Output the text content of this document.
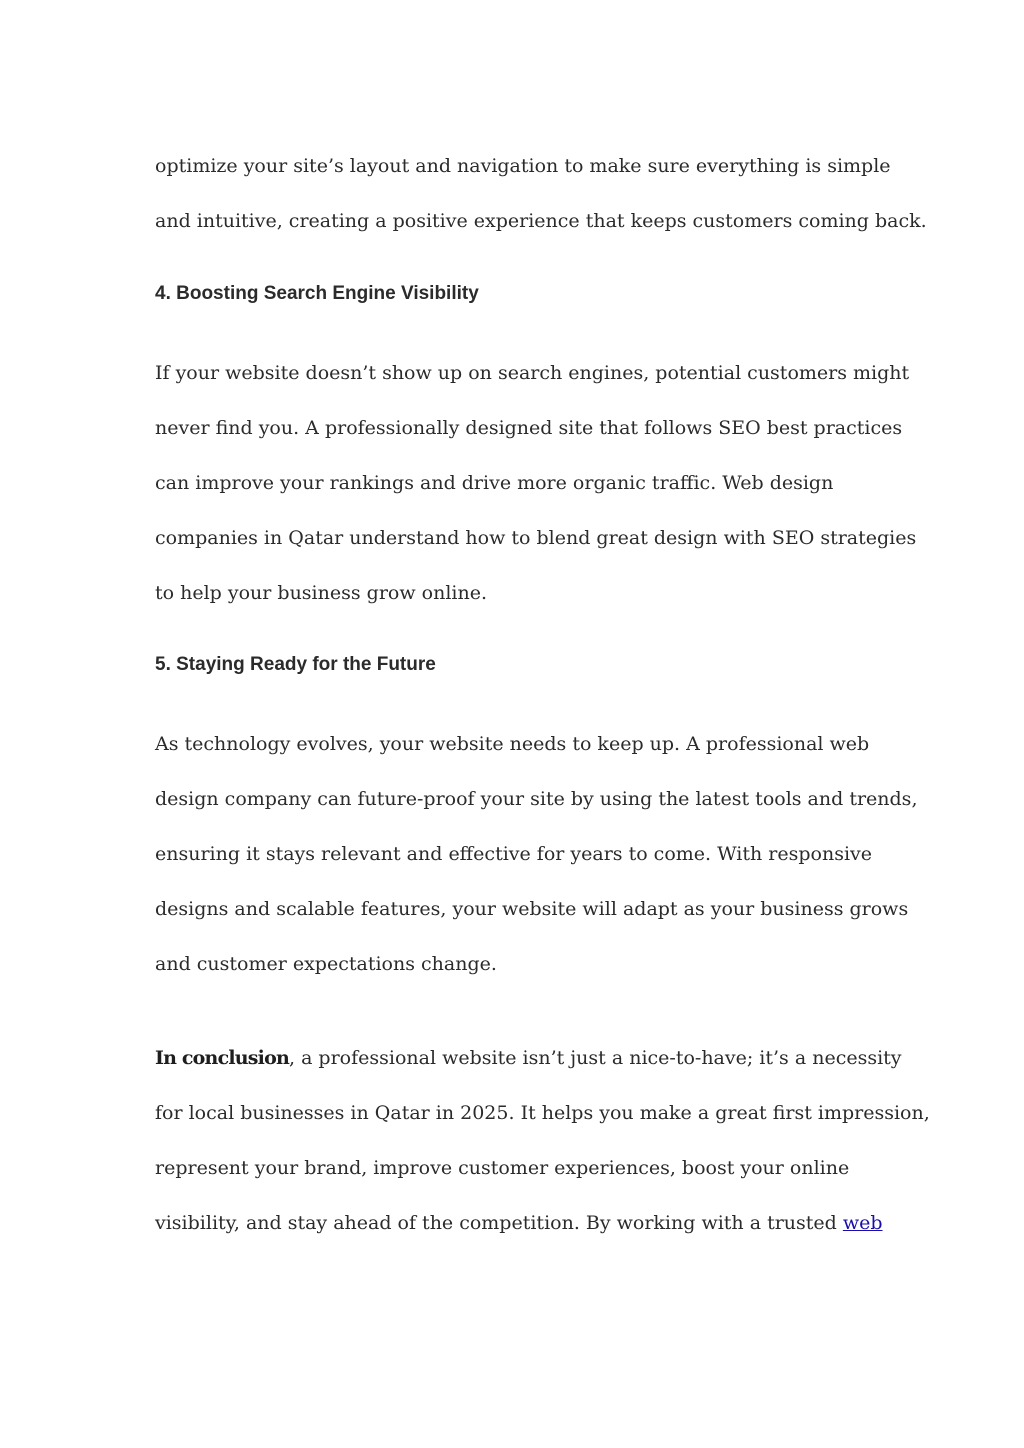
optimize your site’s layout and navigation to make sure everything is simple
and intuitive, creating a positive experience that keeps customers coming back.
4. Boosting Search Engine Visibility
If your website doesn’t show up on search engines, potential customers might
never find you. A professionally designed site that follows SEO best practices
can improve your rankings and drive more organic traffic. Web design
companies in Qatar understand how to blend great design with SEO strategies
to help your business grow online.
5. Staying Ready for the Future
As technology evolves, your website needs to keep up. A professional web
design company can future-proof your site by using the latest tools and trends,
ensuring it stays relevant and effective for years to come. With responsive
designs and scalable features, your website will adapt as your business grows
and customer expectations change.
In conclusion, a professional website isn’t just a nice-to-have; it’s a necessity
for local businesses in Qatar in 2025. It helps you make a great first impression,
represent your brand, improve customer experiences, boost your online
visibility, and stay ahead of the competition. By working with a trusted web
